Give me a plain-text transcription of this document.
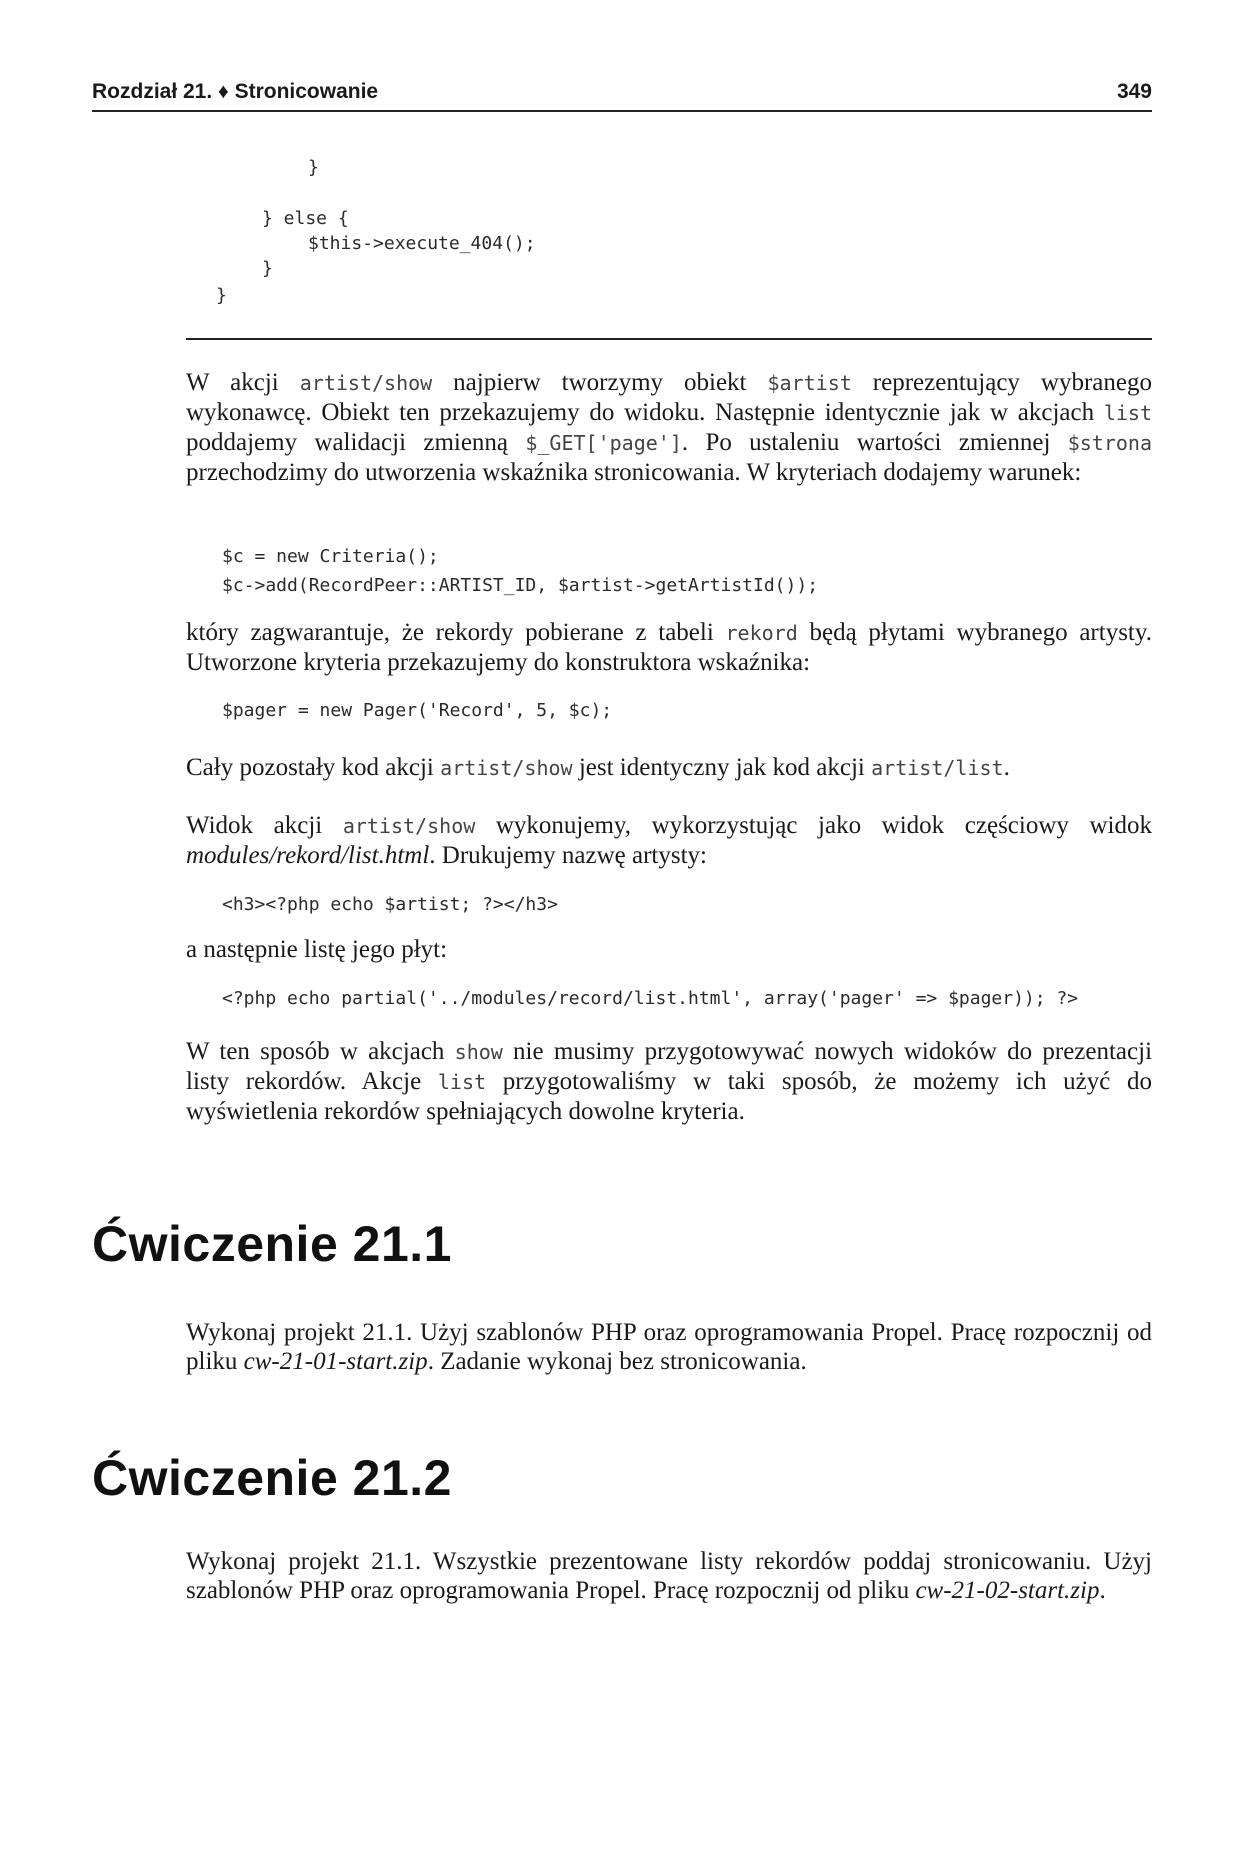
Rozdział 21. ♦ Stronicowanie	349
}
} else {
$this->execute_404();
}
}
W akcji artist/show najpierw tworzymy obiekt $artist reprezentujący wybranego wykonawcę. Obiekt ten przekazujemy do widoku. Następnie identycznie jak w akcjach list poddajemy walidacji zmienną $_GET['page']. Po ustaleniu wartości zmiennej $strona przechodzimy do utworzenia wskaźnika stronicowania. W kryteriach dodajemy warunek:
$c = new Criteria();
$c->add(RecordPeer::ARTIST_ID, $artist->getArtistId());
który zagwarantuje, że rekordy pobierane z tabeli rekord będą płytami wybranego artysty. Utworzone kryteria przekazujemy do konstruktora wskaźnika:
$pager = new Pager('Record', 5, $c);
Cały pozostały kod akcji artist/show jest identyczny jak kod akcji artist/list.
Widok akcji artist/show wykonujemy, wykorzystując jako widok częściowy widok modules/rekord/list.html. Drukujemy nazwę artysty:
<h3><?php echo $artist; ?></h3>
a następnie listę jego płyt:
<?php echo partial('../modules/record/list.html', array('pager' => $pager)); ?>
W ten sposób w akcjach show nie musimy przygotowywać nowych widoków do prezentacji listy rekordów. Akcje list przygotowaliśmy w taki sposób, że możemy ich użyć do wyświetlenia rekordów spełniających dowolne kryteria.
Ćwiczenie 21.1
Wykonaj projekt 21.1. Użyj szablonów PHP oraz oprogramowania Propel. Pracę rozpocznij od pliku cw-21-01-start.zip. Zadanie wykonaj bez stronicowania.
Ćwiczenie 21.2
Wykonaj projekt 21.1. Wszystkie prezentowane listy rekordów poddaj stronicowaniu. Użyj szablonów PHP oraz oprogramowania Propel. Pracę rozpocznij od pliku cw-21-02-start.zip.
